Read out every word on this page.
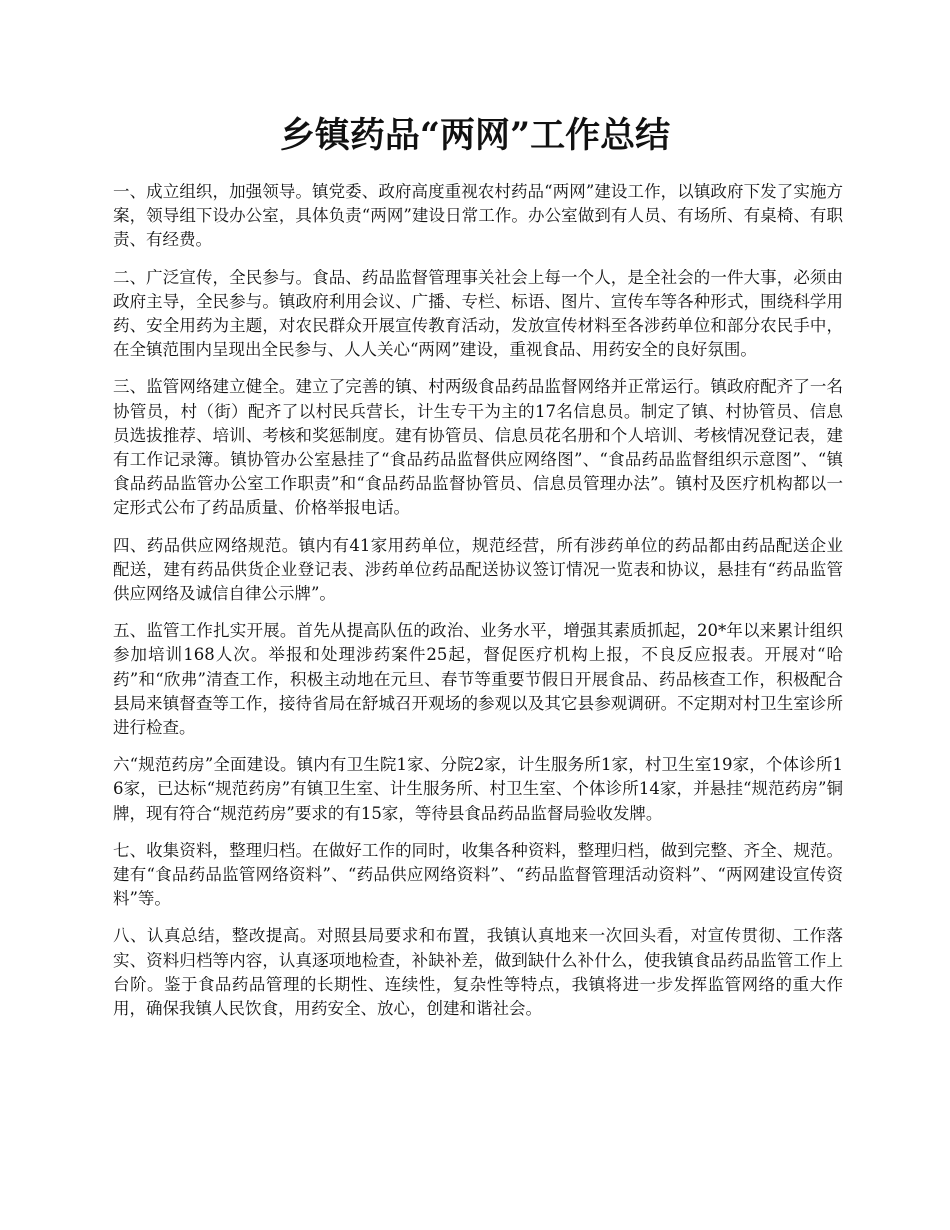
乡镇药品“两网”工作总结

一、成立组织，加强领导。镇党委、政府高度重视农村药品“两网”建设工作，以镇政府下发了实施方案，领导组下设办公室，具体负责“两网”建设日常工作。办公室做到有人员、有场所、有桌椅、有职责、有经费。

二、广泛宣传，全民参与。食品、药品监督管理事关社会上每一个人，是全社会的一件大事，必须由政府主导，全民参与。镇政府利用会议、广播、专栏、标语、图片、宣传车等各种形式，围绕科学用药、安全用药为主题，对农民群众开展宣传教育活动，发放宣传材料至各涉药单位和部分农民手中，在全镇范围内呈现出全民参与、人人关心“两网”建设，重视食品、用药安全的良好氛围。

三、监管网络建立健全。建立了完善的镇、村两级食品药品监督网络并正常运行。镇政府配齐了一名协管员，村（街）配齐了以村民兵营长，计生专干为主的17名信息员。制定了镇、村协管员、信息员选拔推荐、培训、考核和奖惩制度。建有协管员、信息员花名册和个人培训、考核情况登记表，建有工作记录簿。镇协管办公室悬挂了“食品药品监督供应网络图”、“食品药品监督组织示意图”、“镇食品药品监管办公室工作职责”和“食品药品监督协管员、信息员管理办法”。镇村及医疗机构都以一定形式公布了药品质量、价格举报电话。

四、药品供应网络规范。镇内有41家用药单位，规范经营，所有涉药单位的药品都由药品配送企业配送，建有药品供货企业登记表、涉药单位药品配送协议签订情况一览表和协议，悬挂有“药品监管供应网络及诚信自律公示牌”。

五、监管工作扎实开展。首先从提高队伍的政治、业务水平，增强其素质抓起，20*年以来累计组织参加培训168人次。举报和处理涉药案件25起，督促医疗机构上报，不良反应报表。开展对“哈药”和“欣弗”清查工作，积极主动地在元旦、春节等重要节假日开展食品、药品核查工作，积极配合县局来镇督查等工作，接待省局在舒城召开观场的参观以及其它县参观调研。不定期对村卫生室诊所进行检查。

六“规范药房”全面建设。镇内有卫生院1家、分院2家，计生服务所1家，村卫生室19家，个体诊所16家，已达标“规范药房”有镇卫生室、计生服务所、村卫生室、个体诊所14家，并悬挂“规范药房”铜牌，现有符合“规范药房”要求的有15家，等待县食品药品监督局验收发牌。

七、收集资料，整理归档。在做好工作的同时，收集各种资料，整理归档，做到完整、齐全、规范。建有“食品药品监管网络资料”、“药品供应网络资料”、“药品监督管理活动资料”、“两网建设宣传资料”等。

八、认真总结，整改提高。对照县局要求和布置，我镇认真地来一次回头看，对宣传贯彻、工作落实、资料归档等内容，认真逐项地检查，补缺补差，做到缺什么补什么，使我镇食品药品监管工作上台阶。鉴于食品药品管理的长期性、连续性，复杂性等特点，我镇将进一步发挥监管网络的重大作用，确保我镇人民饮食，用药安全、放心，创建和谐社会。
